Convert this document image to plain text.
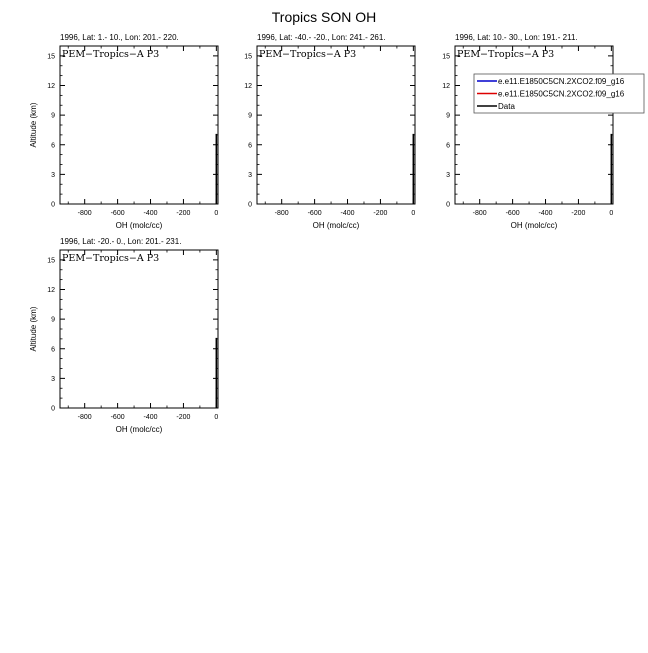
Tropics SON OH
1996, Lat: 1.- 10., Lon: 201.- 220.
0
3
6
9
12
15
-800	-600	-400	-200	0
OH (molc/cc)
Altitude (km)
PEM−Tropics−A P3
1996, Lat: -40.- -20., Lon: 241.- 261.
0
3
6
9
12
15
-800	-600	-400	-200	0
OH (molc/cc)
PEM−Tropics−A P3
1996, Lat: 10.- 30., Lon: 191.- 211.
0
3
6
9
12
15
-800	-600	-400	-200	0
OH (molc/cc)
PEM−Tropics−A P3
e.e11.E1850C5CN.2XCO2.f09_g16
e.e11.E1850C5CN.2XCO2.f09_g16
Data
1996, Lat: -20.- 0., Lon: 201.- 231.
0
3
6
9
12
15
-800	-600	-400	-200	0
OH (molc/cc)
Altitude (km)
PEM−Tropics−A P3
